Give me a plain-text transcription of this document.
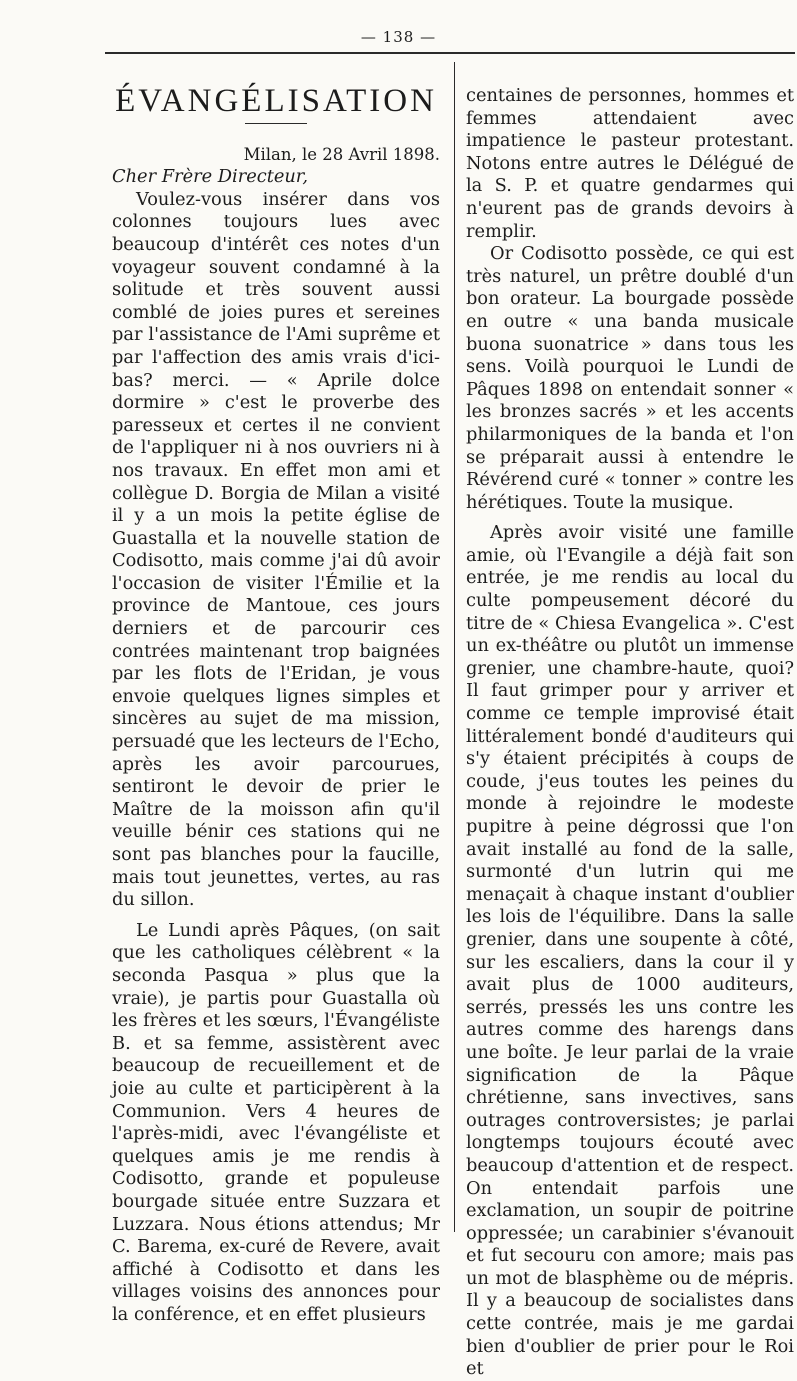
— 138 —
ÉVANGÉLISATION

Milan, le 28 Avril 1898.

Cher Frère Directeur,

Voulez-vous insérer dans vos colonnes toujours lues avec beaucoup d'intérêt ces notes d'un voyageur souvent condamné à la solitude et très souvent aussi comblé de joies pures et sereines par l'assistance de l'Ami suprême et par l'affection des amis vrais d'ici-bas? merci. — « Aprile dolce dormire » c'est le proverbe des paresseux et certes il ne convient de l'appliquer ni à nos ouvriers ni à nos travaux. En effet mon ami et collègue D. Borgia de Milan a visité il y a un mois la petite église de Guastalla et la nouvelle station de Codisotto, mais comme j'ai dû avoir l'occasion de visiter l'Émilie et la province de Mantoue, ces jours derniers et de parcourir ces contrées maintenant trop baignées par les flots de l'Eridan, je vous envoie quelques lignes simples et sincères au sujet de ma mission, persuadé que les lecteurs de l'Echo, après les avoir parcourues, sentiront le devoir de prier le Maître de la moisson afin qu'il veuille bénir ces stations qui ne sont pas blanches pour la faucille, mais tout jeunettes, vertes, au ras du sillon.

Le Lundi après Pâques, (on sait que les catholiques célèbrent « la seconda Pasqua » plus que la vraie), je partis pour Guastalla où les frères et les sœurs, l'Évangéliste B. et sa femme, assistèrent avec beaucoup de recueillement et de joie au culte et participèrent à la Communion. Vers 4 heures de l'après-midi, avec l'évangéliste et quelques amis je me rendis à Codisotto, grande et populeuse bourgade située entre Suzzara et Luzzara. Nous étions attendus; Mr C. Barema, ex-curé de Revere, avait affiché à Codisotto et dans les villages voisins des annonces pour la conférence, et en effet plusieurs

centaines de personnes, hommes et femmes attendaient avec impatience le pasteur protestant. Notons entre autres le Délégué de la S. P. et quatre gendarmes qui n'eurent pas de grands devoirs à remplir.

Or Codisotto possède, ce qui est très naturel, un prêtre doublé d'un bon orateur. La bourgade possède en outre « una banda musicale buona suonatrice » dans tous les sens. Voilà pourquoi le Lundi de Pâques 1898 on entendait sonner « les bronzes sacrés » et les accents philarmoniques de la banda et l'on se préparait aussi à entendre le Révérend curé « tonner » contre les hérétiques. Toute la musique.

Après avoir visité une famille amie, où l'Evangile a déjà fait son entrée, je me rendis au local du culte pompeusement décoré du titre de « Chiesa Evangelica ». C'est un ex-théâtre ou plutôt un immense grenier, une chambre-haute, quoi? Il faut grimper pour y arriver et comme ce temple improvisé était littéralement bondé d'auditeurs qui s'y étaient précipités à coups de coude, j'eus toutes les peines du monde à rejoindre le modeste pupitre à peine dégrossi que l'on avait installé au fond de la salle, surmonté d'un lutrin qui me menaçait à chaque instant d'oublier les lois de l'équilibre. Dans la salle grenier, dans une soupente à côté, sur les escaliers, dans la cour il y avait plus de 1000 auditeurs, serrés, pressés les uns contre les autres comme des harengs dans une boîte. Je leur parlai de la vraie signification de la Pâque chrétienne, sans invectives, sans outrages controversistes; je parlai longtemps toujours écouté avec beaucoup d'attention et de respect. On entendait parfois une exclamation, un soupir de poitrine oppressée; un carabinier s'évanouit et fut secouru con amore; mais pas un mot de blasphème ou de mépris. Il y a beaucoup de socialistes dans cette contrée, mais je me gardai bien d'oublier de prier pour le Roi et
